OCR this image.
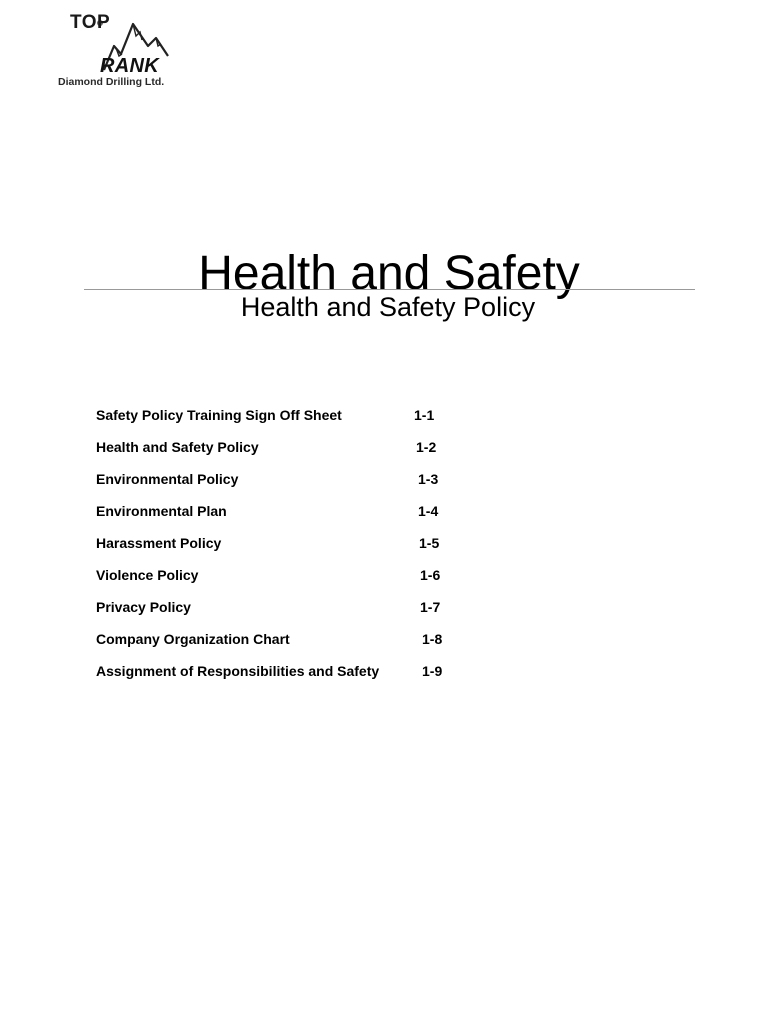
TOP
RANK
Diamond Drilling Ltd.
Health and Safety
Health and Safety Policy
Safety Policy Training Sign Off Sheet	1-1
Health and Safety Policy	1-2
Environmental Policy	1-3
Environmental Plan	1-4
Harassment Policy	1-5
Violence Policy	1-6
Privacy Policy	1-7
Company Organization Chart	1-8
Assignment of Responsibilities and Safety	1-9
